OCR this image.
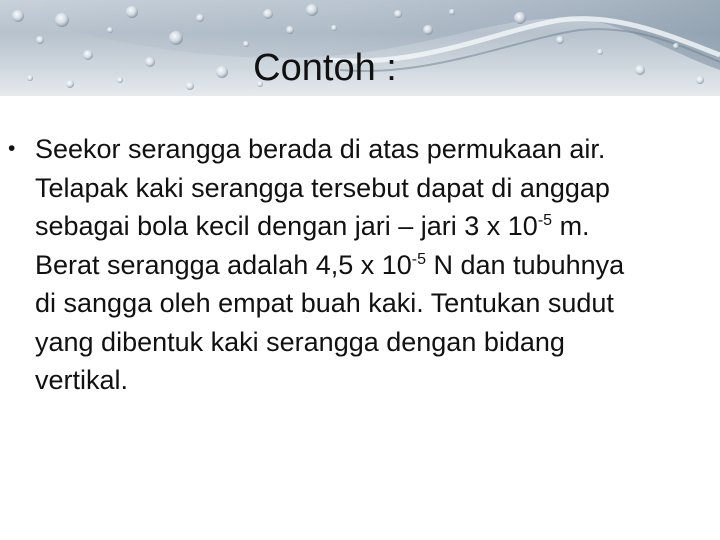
Contoh :
• Seekor serangga berada di atas permukaan air. Telapak kaki serangga tersebut dapat di anggap sebagai bola kecil dengan jari – jari 3 x $10^{-5}$ m. Berat serangga adalah 4,5 x $10^{-5}$ N dan tubuhnya di sangga oleh empat buah kaki. Tentukan sudut yang dibentuk kaki serangga dengan bidang vertikal.
